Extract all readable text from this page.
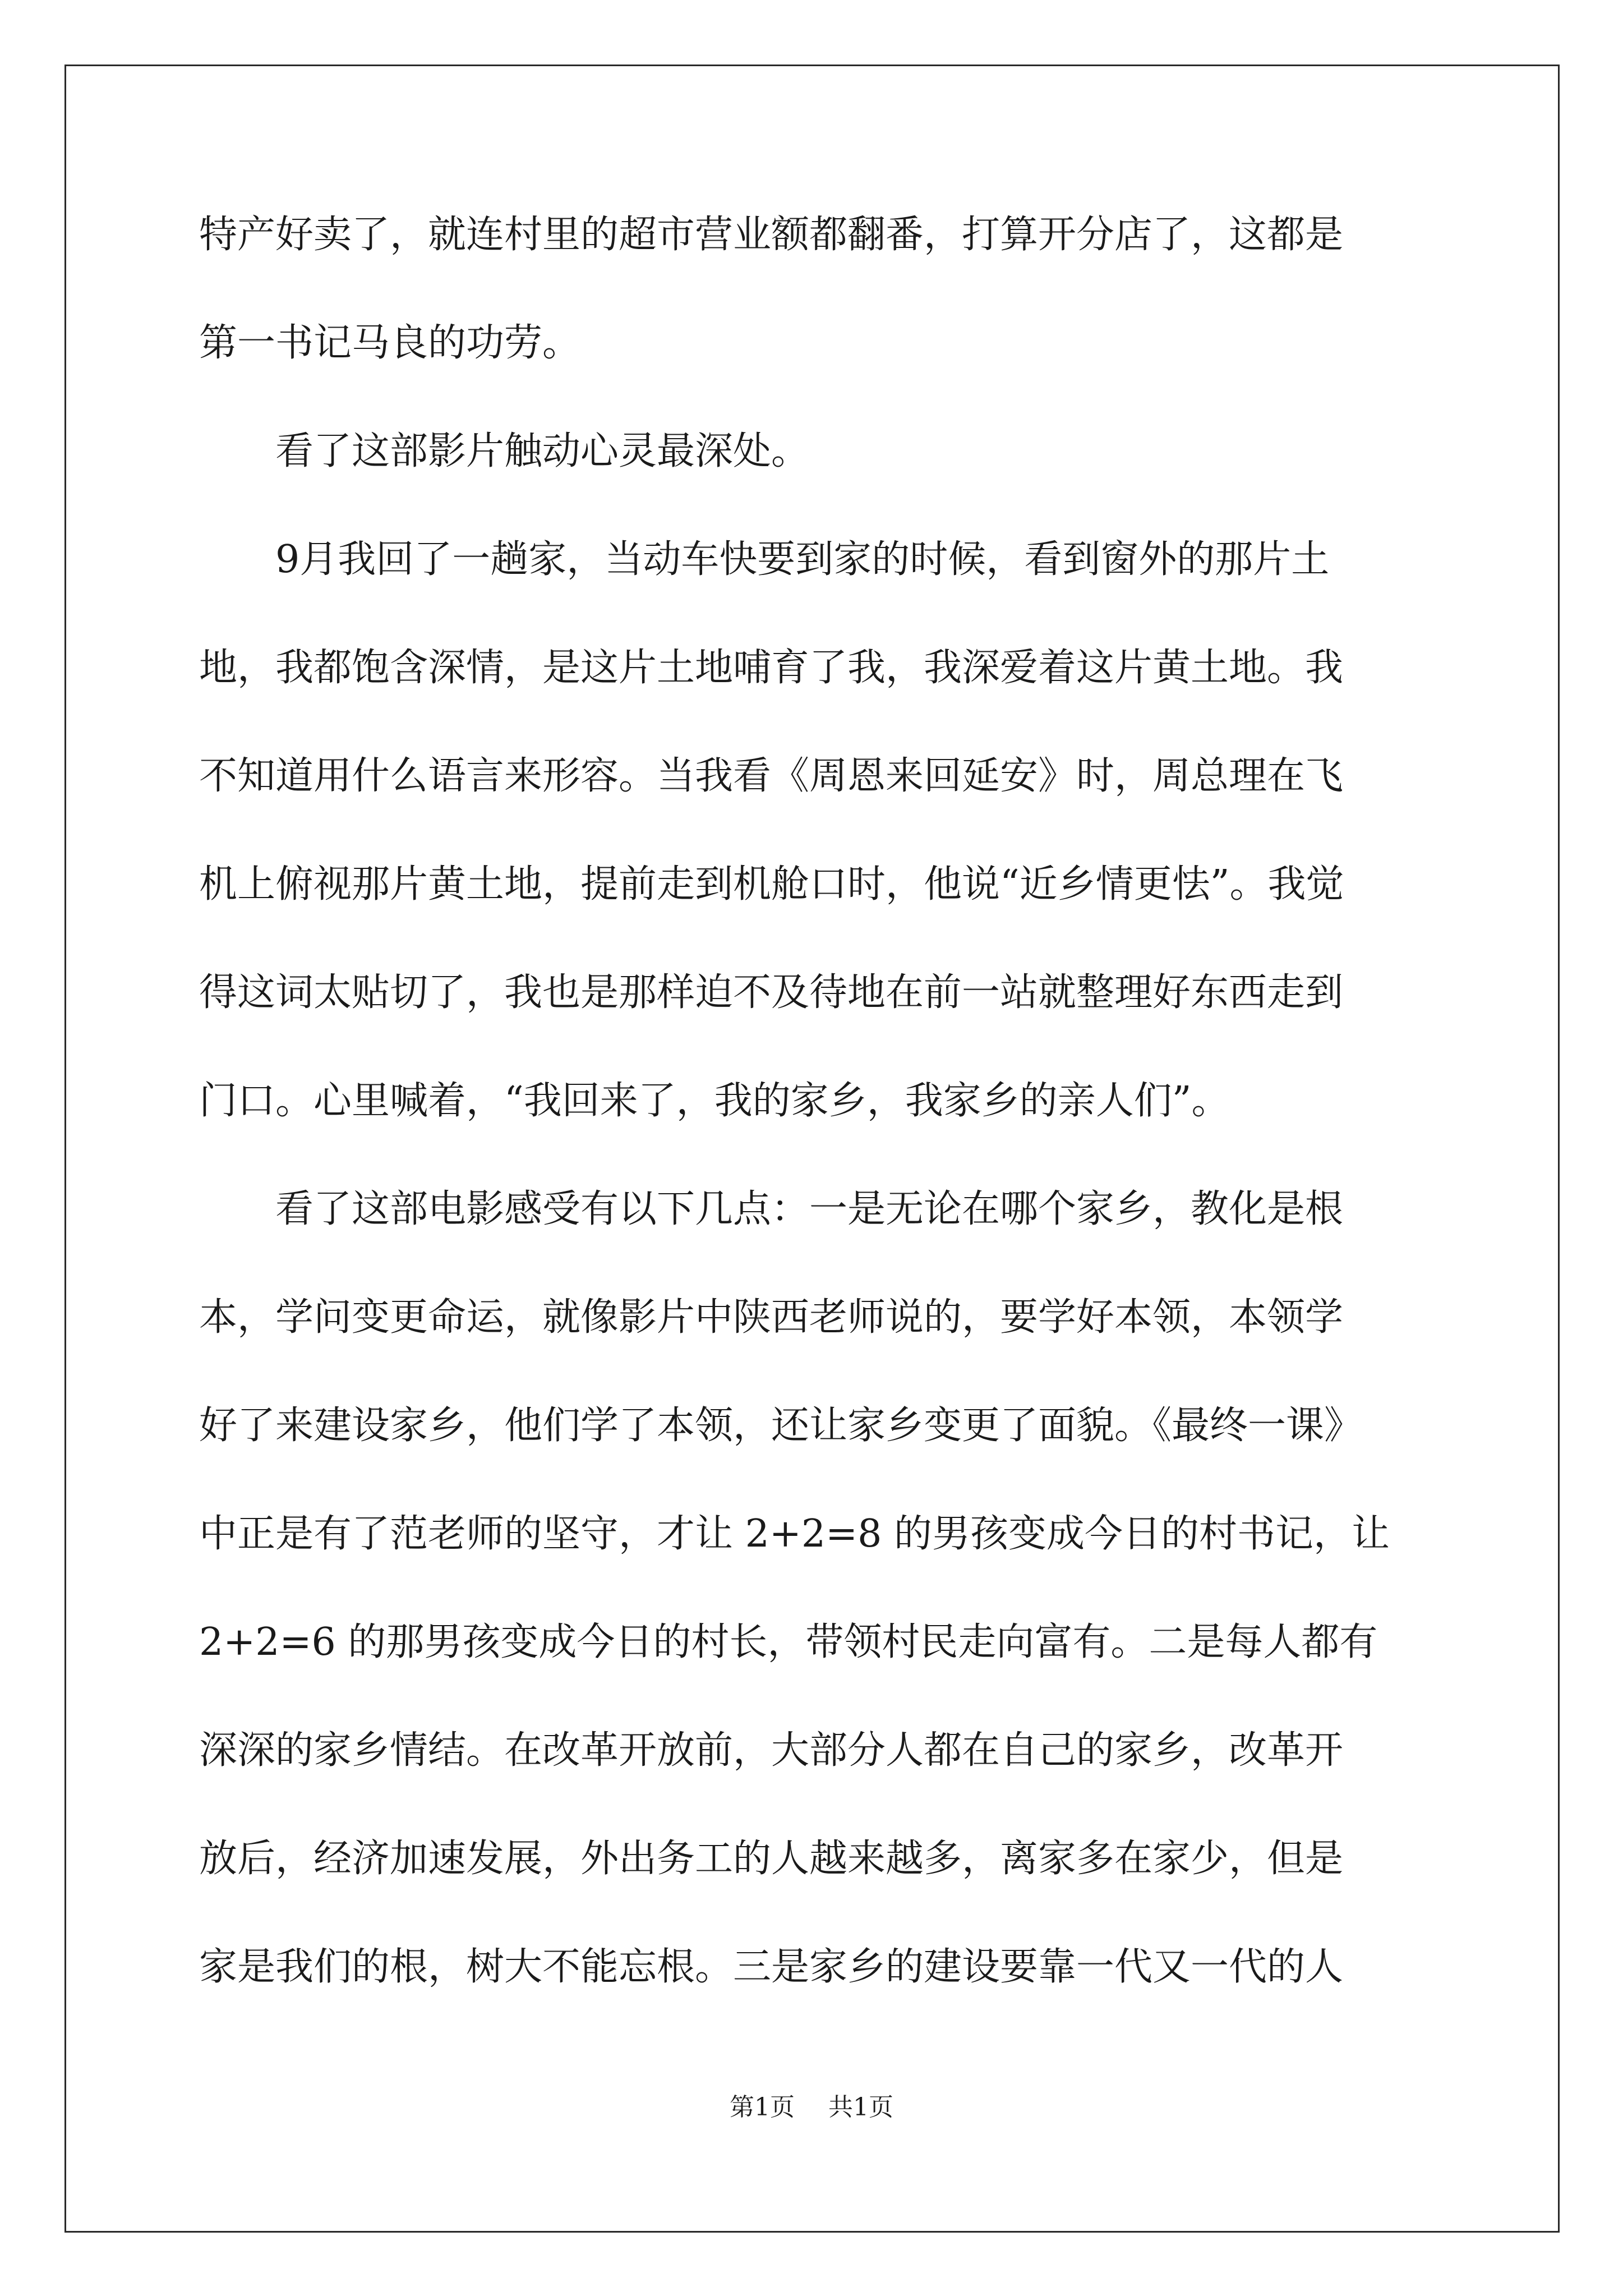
特产好卖了，就连村里的超市营业额都翻番，打算开分店了，这都是
第一书记马良的功劳。
看了这部影片触动心灵最深处。
9月我回了一趟家，当动车快要到家的时候，看到窗外的那片土
地，我都饱含深情，是这片土地哺育了我，我深爱着这片黄土地。我
不知道用什么语言来形容。当我看《周恩来回延安》时，周总理在飞
机上俯视那片黄土地，提前走到机舱口时，他说“近乡情更怯”。我觉
得这词太贴切了，我也是那样迫不及待地在前一站就整理好东西走到
门口。心里喊着，“我回来了，我的家乡，我家乡的亲人们”。
看了这部电影感受有以下几点：一是无论在哪个家乡，教化是根
本，学问变更命运，就像影片中陕西老师说的，要学好本领，本领学
好了来建设家乡，他们学了本领，还让家乡变更了面貌。《最终一课》
中正是有了范老师的坚守，才让 2+2=8 的男孩变成今日的村书记，让
2+2=6 的那男孩变成今日的村长，带领村民走向富有。二是每人都有
深深的家乡情结。在改革开放前，大部分人都在自己的家乡，改革开
放后，经济加速发展，外出务工的人越来越多，离家多在家少，但是
家是我们的根，树大不能忘根。三是家乡的建设要靠一代又一代的人
第1页 共1页
